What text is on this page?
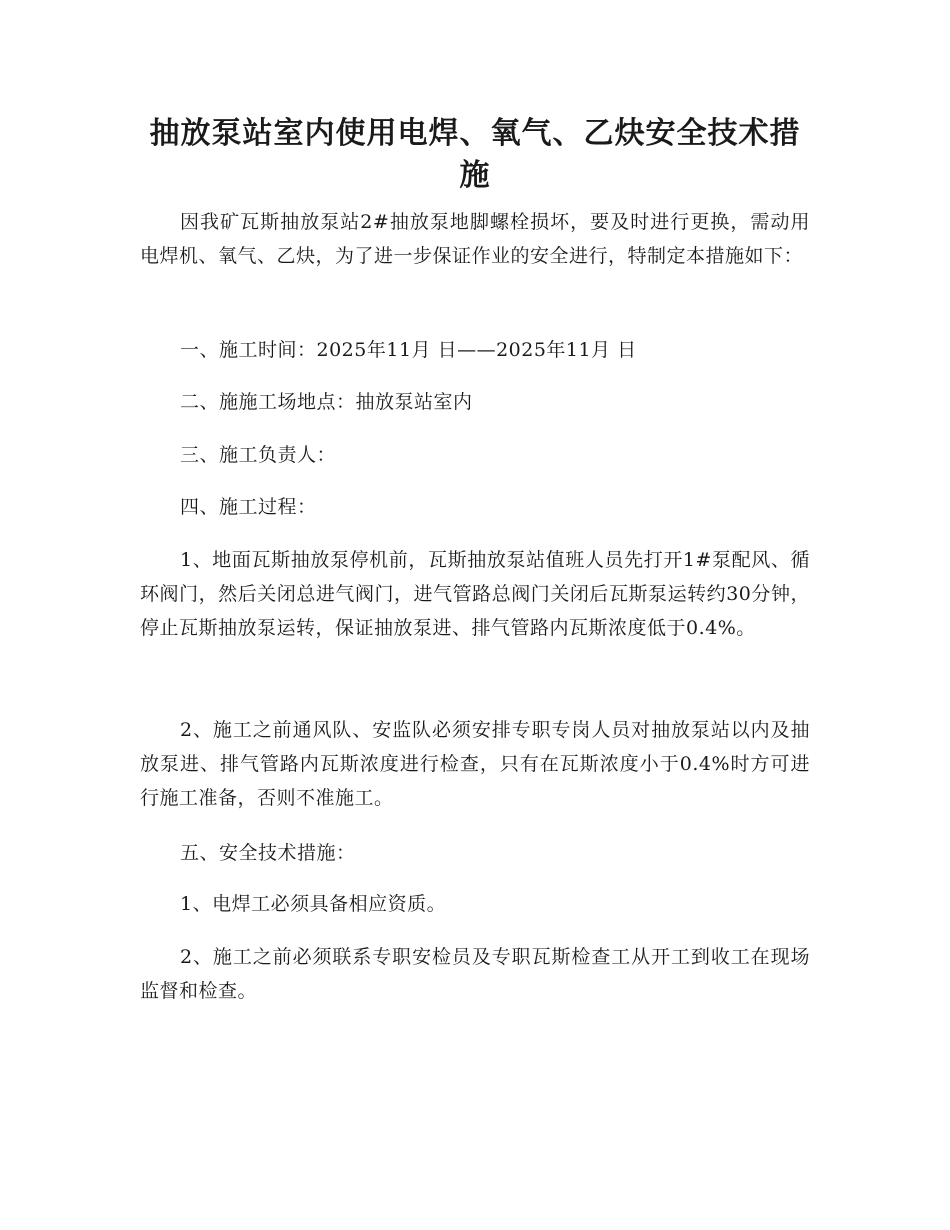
抽放泵站室内使用电焊、氧气、乙炔安全技术措施

因我矿瓦斯抽放泵站2#抽放泵地脚螺栓损坏，要及时进行更换，需动用电焊机、氧气、乙炔，为了进一步保证作业的安全进行，特制定本措施如下：

一、施工时间：2025年11月 日——2025年11月 日

二、施施工场地点：抽放泵站室内

三、施工负责人：

四、施工过程：

1、地面瓦斯抽放泵停机前，瓦斯抽放泵站值班人员先打开1#泵配风、循环阀门，然后关闭总进气阀门，进气管路总阀门关闭后瓦斯泵运转约30分钟，停止瓦斯抽放泵运转，保证抽放泵进、排气管路内瓦斯浓度低于0.4%。

2、施工之前通风队、安监队必须安排专职专岗人员对抽放泵站以内及抽放泵进、排气管路内瓦斯浓度进行检查，只有在瓦斯浓度小于0.4%时方可进行施工准备，否则不准施工。

五、安全技术措施：

1、电焊工必须具备相应资质。

2、施工之前必须联系专职安检员及专职瓦斯检查工从开工到收工在现场监督和检查。
